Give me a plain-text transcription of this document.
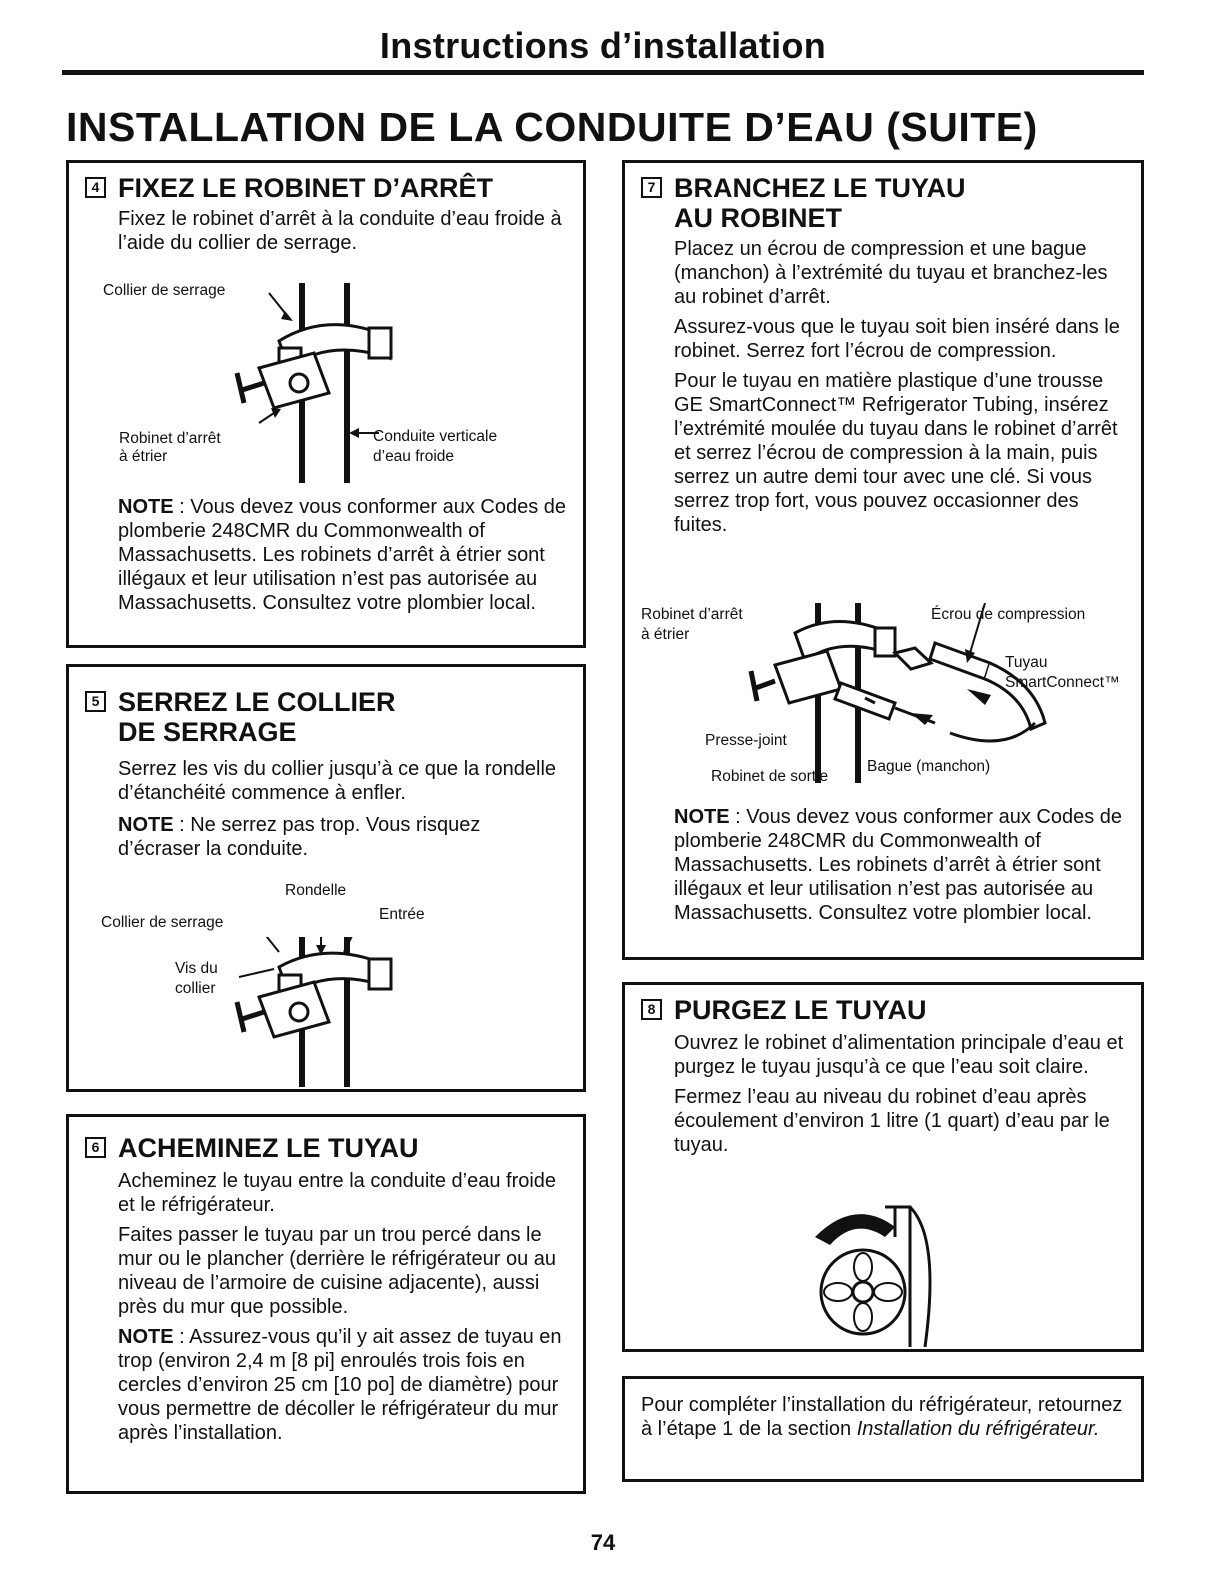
Instructions d’installation
INSTALLATION DE LA CONDUITE D’EAU (SUITE)
4 FIXEZ LE ROBINET D’ARRÊT
Fixez le robinet d’arrêt à la conduite d’eau froide à l’aide du collier de serrage.
Collier de serrage
Robinet d’arrêt
à étrier
Conduite verticale
d’eau froide
NOTE : Vous devez vous conformer aux Codes de plomberie 248CMR du Commonwealth of Massachusetts. Les robinets d’arrêt à étrier sont illégaux et leur utilisation n’est pas autorisée au Massachusetts. Consultez votre plombier local.
5 SERREZ LE COLLIER
DE SERRAGE
Serrez les vis du collier jusqu’à ce que la rondelle d’étanchéité commence à enfler.
NOTE : Ne serrez pas trop. Vous risquez d’écraser la conduite.
Rondelle
Collier de serrage	Entrée
Vis du
collier
6 ACHEMINEZ LE TUYAU
Acheminez le tuyau entre la conduite d’eau froide et le réfrigérateur.
Faites passer le tuyau par un trou percé dans le mur ou le plancher (derrière le réfrigérateur ou au niveau de l’armoire de cuisine adjacente), aussi près du mur que possible.
NOTE : Assurez-vous qu’il y ait assez de tuyau en trop (environ 2,4 m [8 pi] enroulés trois fois en cercles d’environ 25 cm [10 po] de diamètre) pour vous permettre de décoller le réfrigérateur du mur après l’installation.
7 BRANCHEZ LE TUYAU
AU ROBINET
Placez un écrou de compression et une bague (manchon) à l’extrémité du tuyau et branchez-les au robinet d’arrêt.
Assurez-vous que le tuyau soit bien inséré dans le robinet. Serrez fort l’écrou de compression.
Pour le tuyau en matière plastique d’une trousse GE SmartConnect™ Refrigerator Tubing, insérez l’extrémité moulée du tuyau dans le robinet d’arrêt et serrez l’écrou de compression à la main, puis serrez un autre demi tour avec une clé. Si vous serrez trop fort, vous pouvez occasionner des fuites.
Robinet d’arrêt
à étrier
Écrou de compression
Tuyau
SmartConnect™
Presse-joint
Robinet de sortie
Bague (manchon)
NOTE : Vous devez vous conformer aux Codes de plomberie 248CMR du Commonwealth of Massachusetts. Les robinets d’arrêt à étrier sont illégaux et leur utilisation n’est pas autorisée au Massachusetts. Consultez votre plombier local.
8 PURGEZ LE TUYAU
Ouvrez le robinet d’alimentation principale d’eau et purgez le tuyau jusqu’à ce que l’eau soit claire.
Fermez l’eau au niveau du robinet d’eau après écoulement d’environ 1 litre (1 quart) d’eau par le tuyau.
Pour compléter l’installation du réfrigérateur, retournez à l’étape 1 de la section Installation du réfrigérateur.
74
